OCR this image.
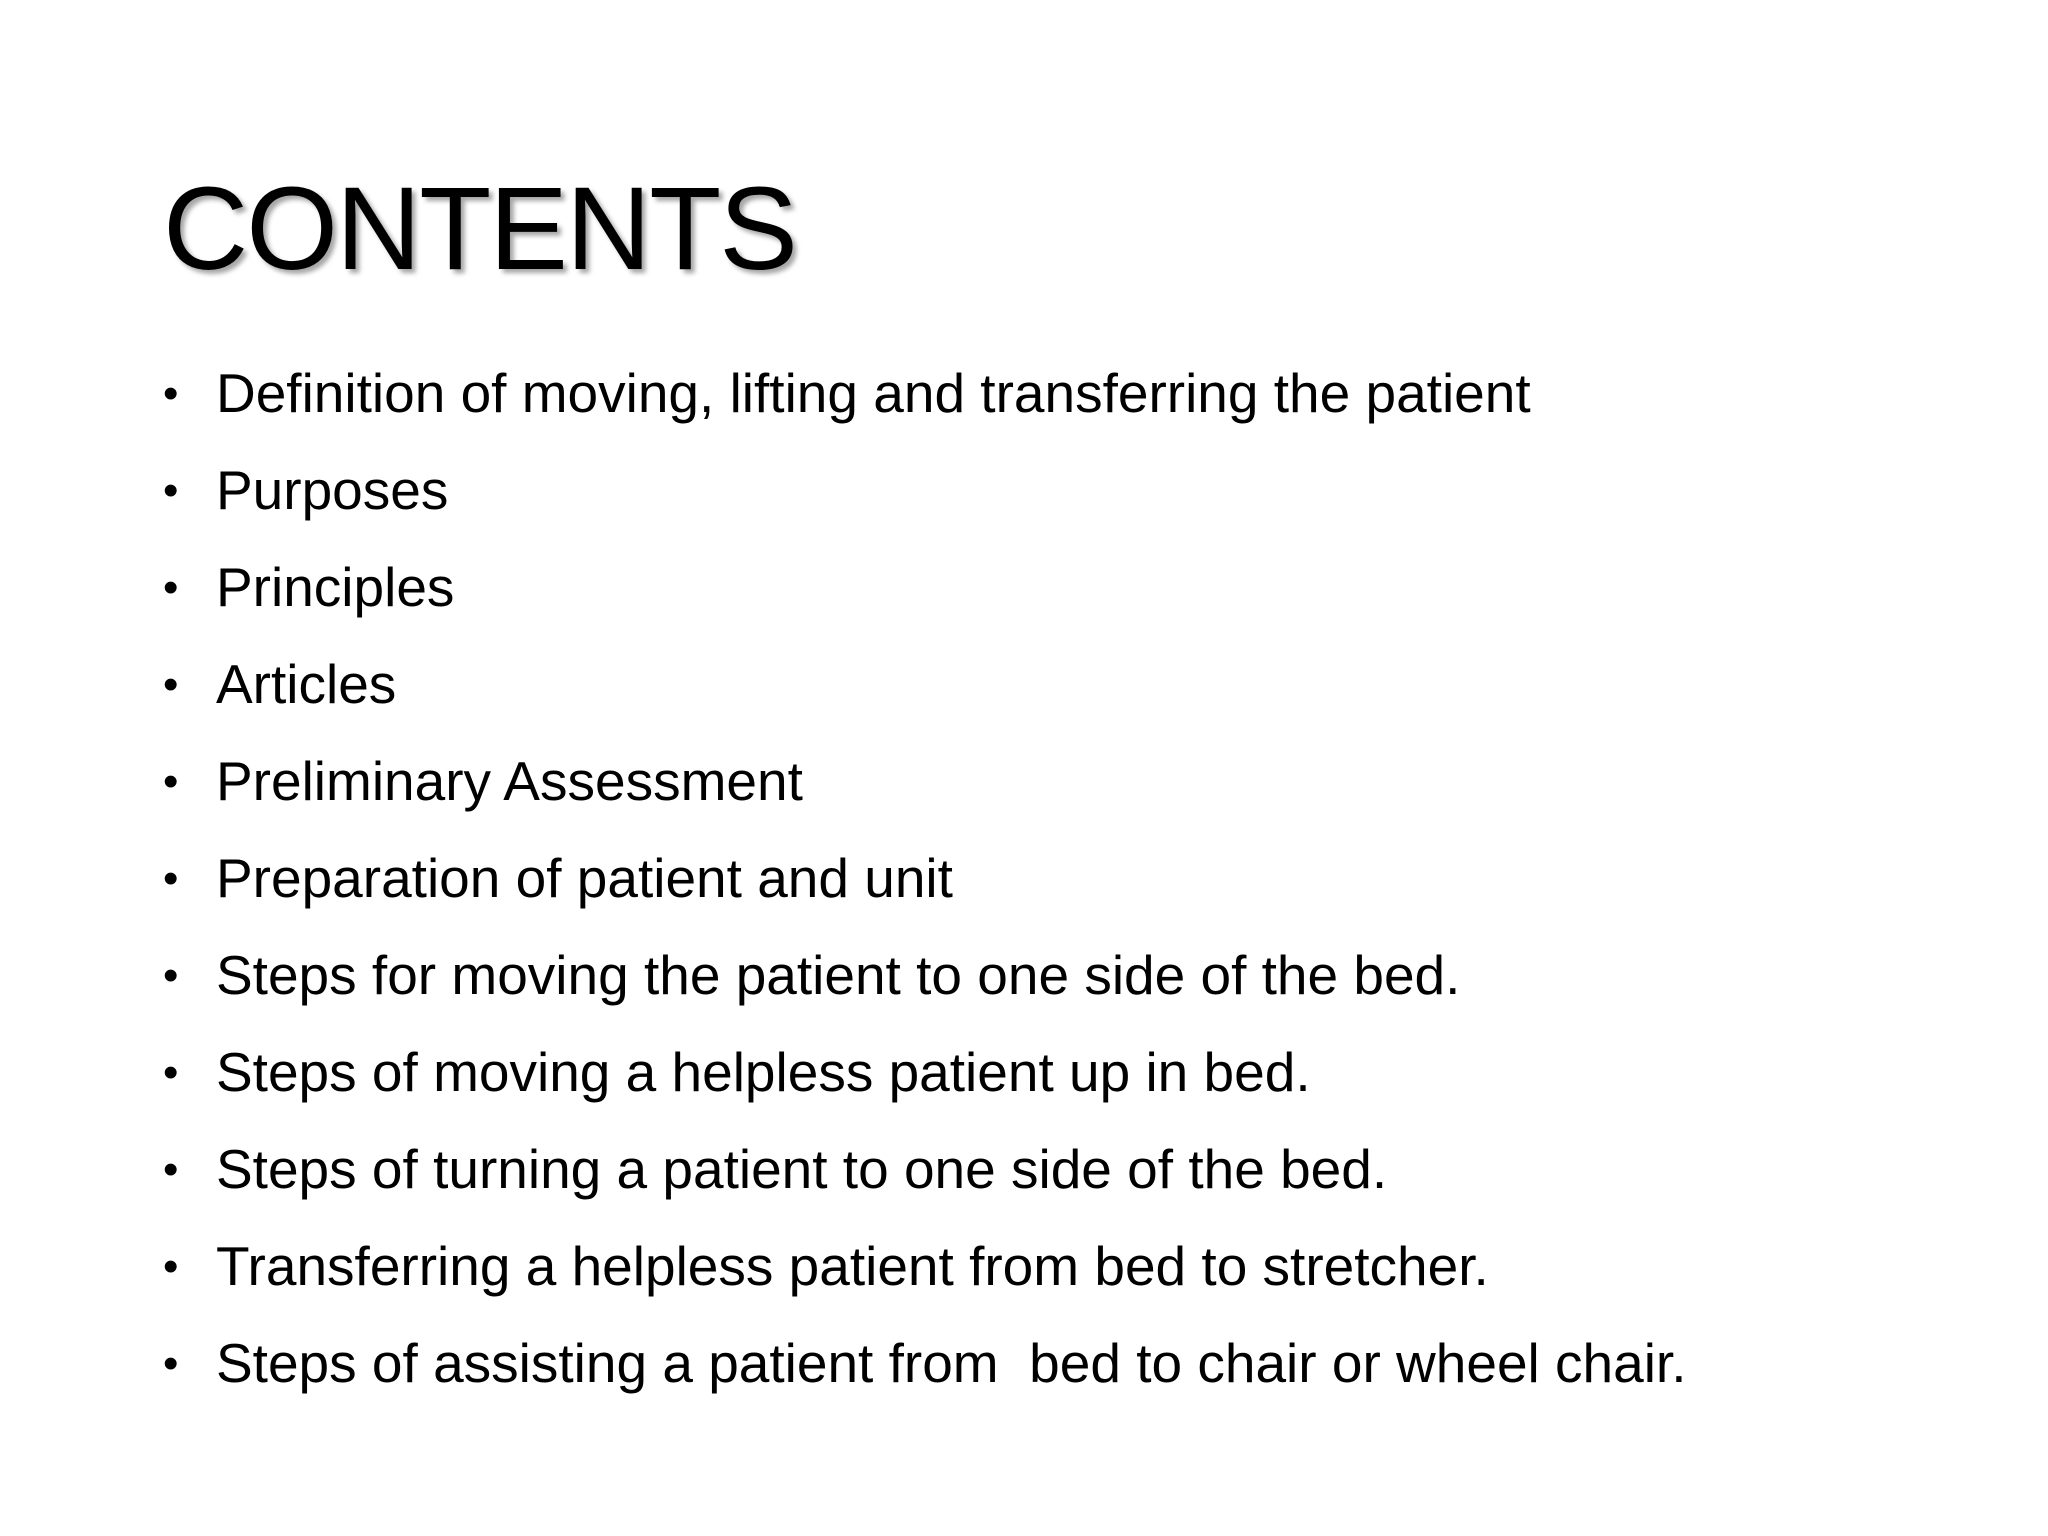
CONTENTS
• Definition of moving, lifting and transferring the patient
• Purposes
• Principles
• Articles
• Preliminary Assessment
• Preparation of patient and unit
• Steps for moving the patient to one side of the bed.
• Steps of moving a helpless patient up in bed.
• Steps of turning a patient to one side of the bed.
• Transferring a helpless patient from bed to stretcher.
• Steps of assisting a patient from  bed to chair or wheel chair.
